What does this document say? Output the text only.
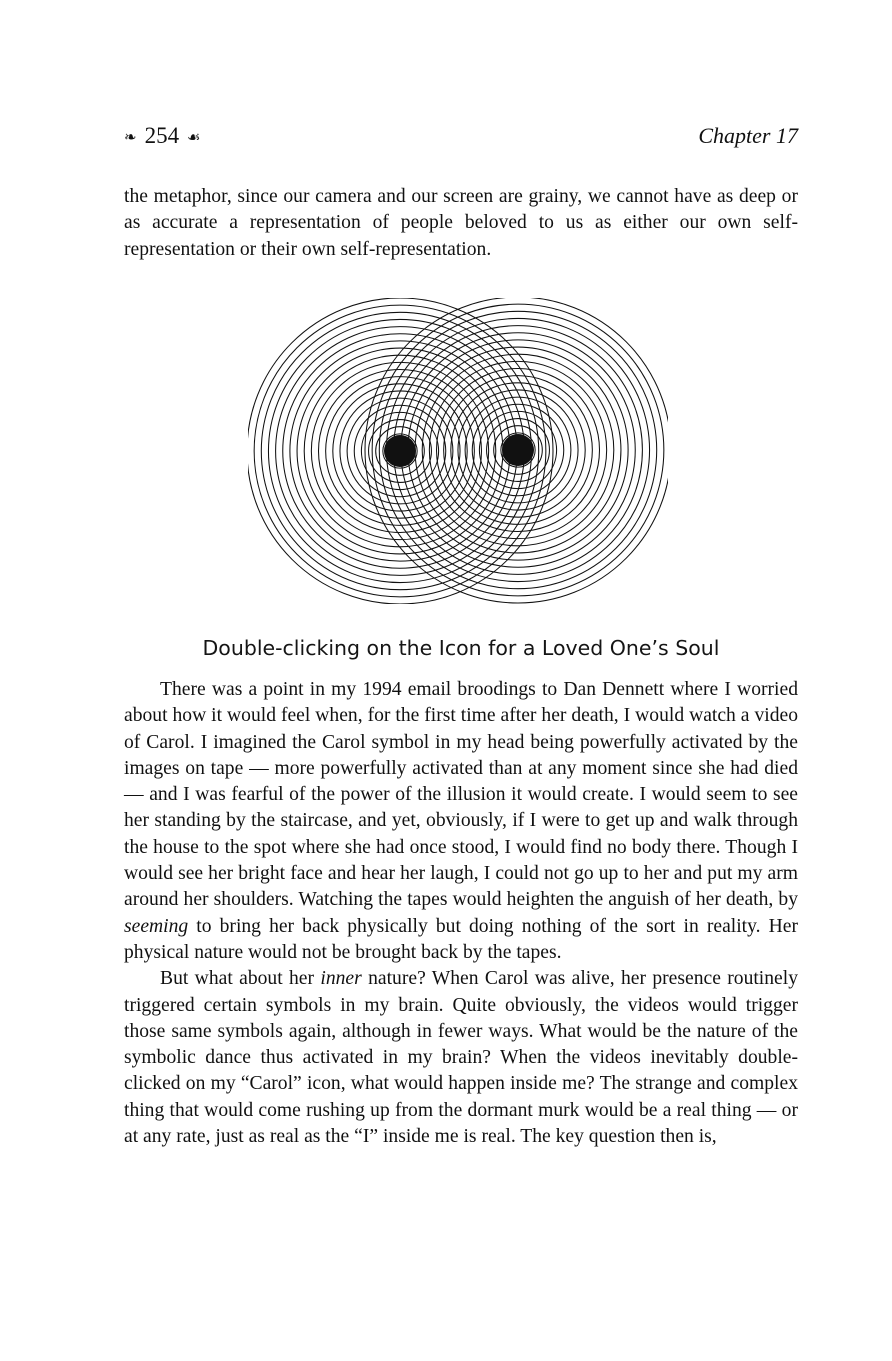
❧ 254 ☙	Chapter 17

the metaphor, since our camera and our screen are grainy, we cannot have as deep or as accurate a representation of people beloved to us as either our own self-representation or their own self-representation.

Double-clicking on the Icon for a Loved One’s Soul

There was a point in my 1994 email broodings to Dan Dennett where I worried about how it would feel when, for the first time after her death, I would watch a video of Carol. I imagined the Carol symbol in my head being powerfully activated by the images on tape — more powerfully activated than at any moment since she had died — and I was fearful of the power of the illusion it would create. I would seem to see her standing by the staircase, and yet, obviously, if I were to get up and walk through the house to the spot where she had once stood, I would find no body there. Though I would see her bright face and hear her laugh, I could not go up to her and put my arm around her shoulders. Watching the tapes would heighten the anguish of her death, by seeming to bring her back physically but doing nothing of the sort in reality. Her physical nature would not be brought back by the tapes.

But what about her inner nature? When Carol was alive, her presence routinely triggered certain symbols in my brain. Quite obviously, the videos would trigger those same symbols again, although in fewer ways. What would be the nature of the symbolic dance thus activated in my brain? When the videos inevitably double-clicked on my “Carol” icon, what would happen inside me? The strange and complex thing that would come rushing up from the dormant murk would be a real thing — or at any rate, just as real as the “I” inside me is real. The key question then is,
